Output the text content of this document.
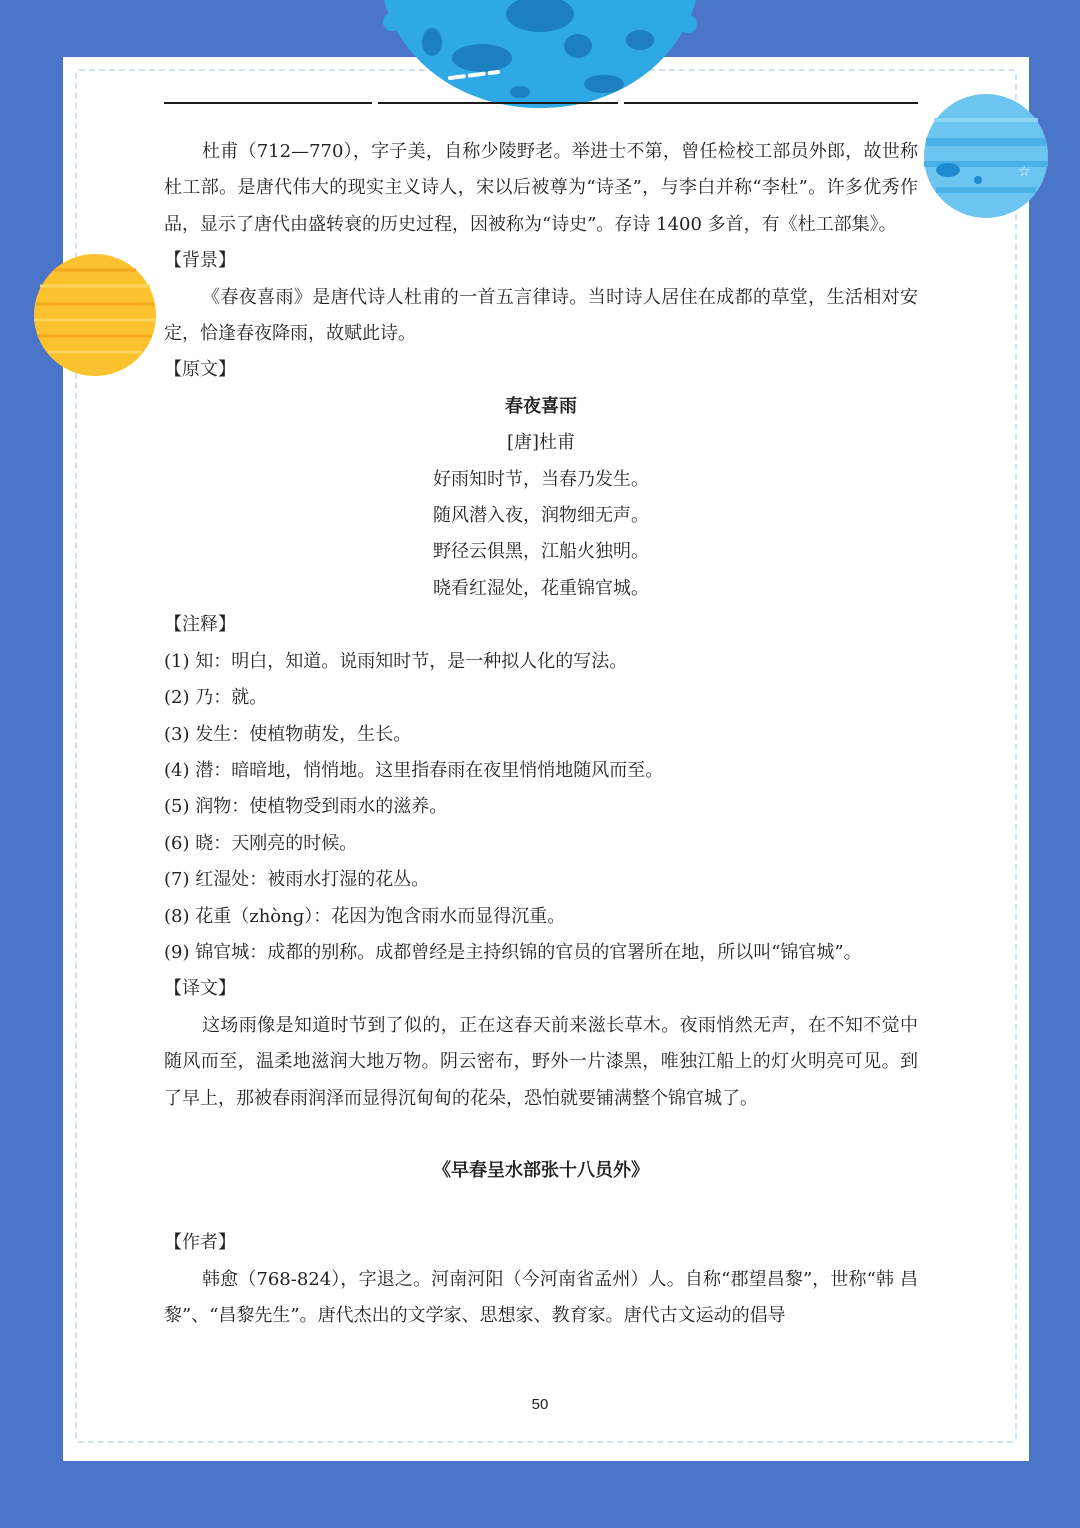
☆

杜甫（712—770），字子美，自称少陵野老。举进士不第，曾任检校工部员外郎，故世称杜工部。是唐代伟大的现实主义诗人，宋以后被尊为“诗圣”，与李白并称“李杜”。许多优秀作品，显示了唐代由盛转衰的历史过程，因被称为“诗史”。存诗 1400 多首，有《杜工部集》。

【背景】

《春夜喜雨》是唐代诗人杜甫的一首五言律诗。当时诗人居住在成都的草堂，生活相对安定，恰逢春夜降雨，故赋此诗。

【原文】

春夜喜雨

[唐]杜甫

好雨知时节，当春乃发生。

随风潜入夜，润物细无声。

野径云俱黑，江船火独明。

晓看红湿处，花重锦官城。

【注释】

(1) 知：明白，知道。说雨知时节，是一种拟人化的写法。

(2) 乃：就。

(3) 发生：使植物萌发，生长。

(4) 潜：暗暗地，悄悄地。这里指春雨在夜里悄悄地随风而至。

(5) 润物：使植物受到雨水的滋养。

(6) 晓：天刚亮的时候。

(7) 红湿处：被雨水打湿的花丛。

(8) 花重（zhònɡ）：花因为饱含雨水而显得沉重。

(9) 锦官城：成都的别称。成都曾经是主持织锦的官员的官署所在地，所以叫“锦官城”。

【译文】

这场雨像是知道时节到了似的，正在这春天前来滋长草木。夜雨悄然无声，在不知不觉中随风而至，温柔地滋润大地万物。阴云密布，野外一片漆黑，唯独江船上的灯火明亮可见。到了早上，那被春雨润泽而显得沉甸甸的花朵，恐怕就要铺满整个锦官城了。

《早春呈水部张十八员外》

【作者】

韩愈（768-824），字退之。河南河阳（今河南省孟州）人。自称“郡望昌黎”，世称“韩 昌黎”、“昌黎先生”。唐代杰出的文学家、思想家、教育家。唐代古文运动的倡导

50
